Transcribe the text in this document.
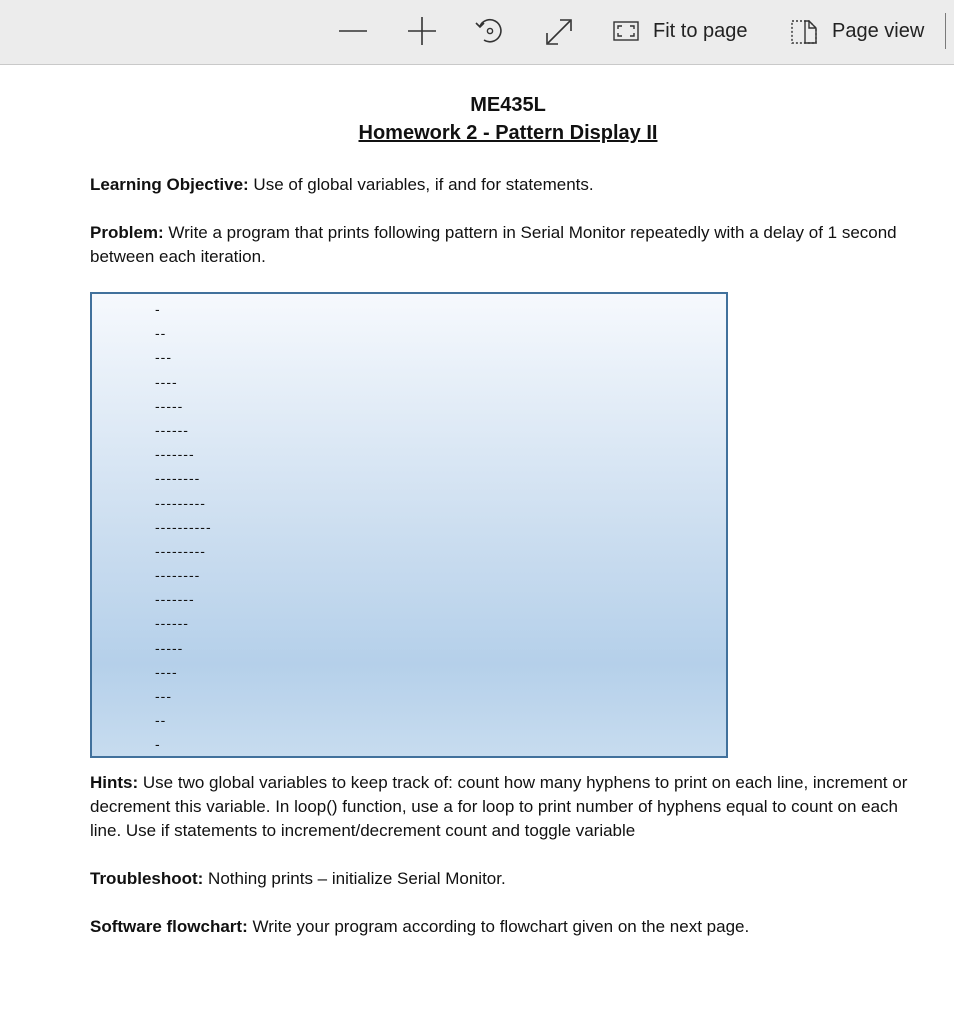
Fit to page	Page view
ME435L
Homework 2 - Pattern Display II

Learning Objective: Use of global variables, if and for statements.

Problem: Write a program that prints following pattern in Serial Monitor repeatedly with a delay of 1 second between each iteration.

-
--
---
----
-----
------
-------
--------
---------
----------
---------
--------
-------
------
-----
----
---
--
-

Hints: Use two global variables to keep track of: count how many hyphens to print on each line, increment or decrement this variable. In loop() function, use a for loop to print number of hyphens equal to count on each line. Use if statements to increment/decrement count and toggle variable

Troubleshoot: Nothing prints – initialize Serial Monitor.

Software flowchart: Write your program according to flowchart given on the next page.
